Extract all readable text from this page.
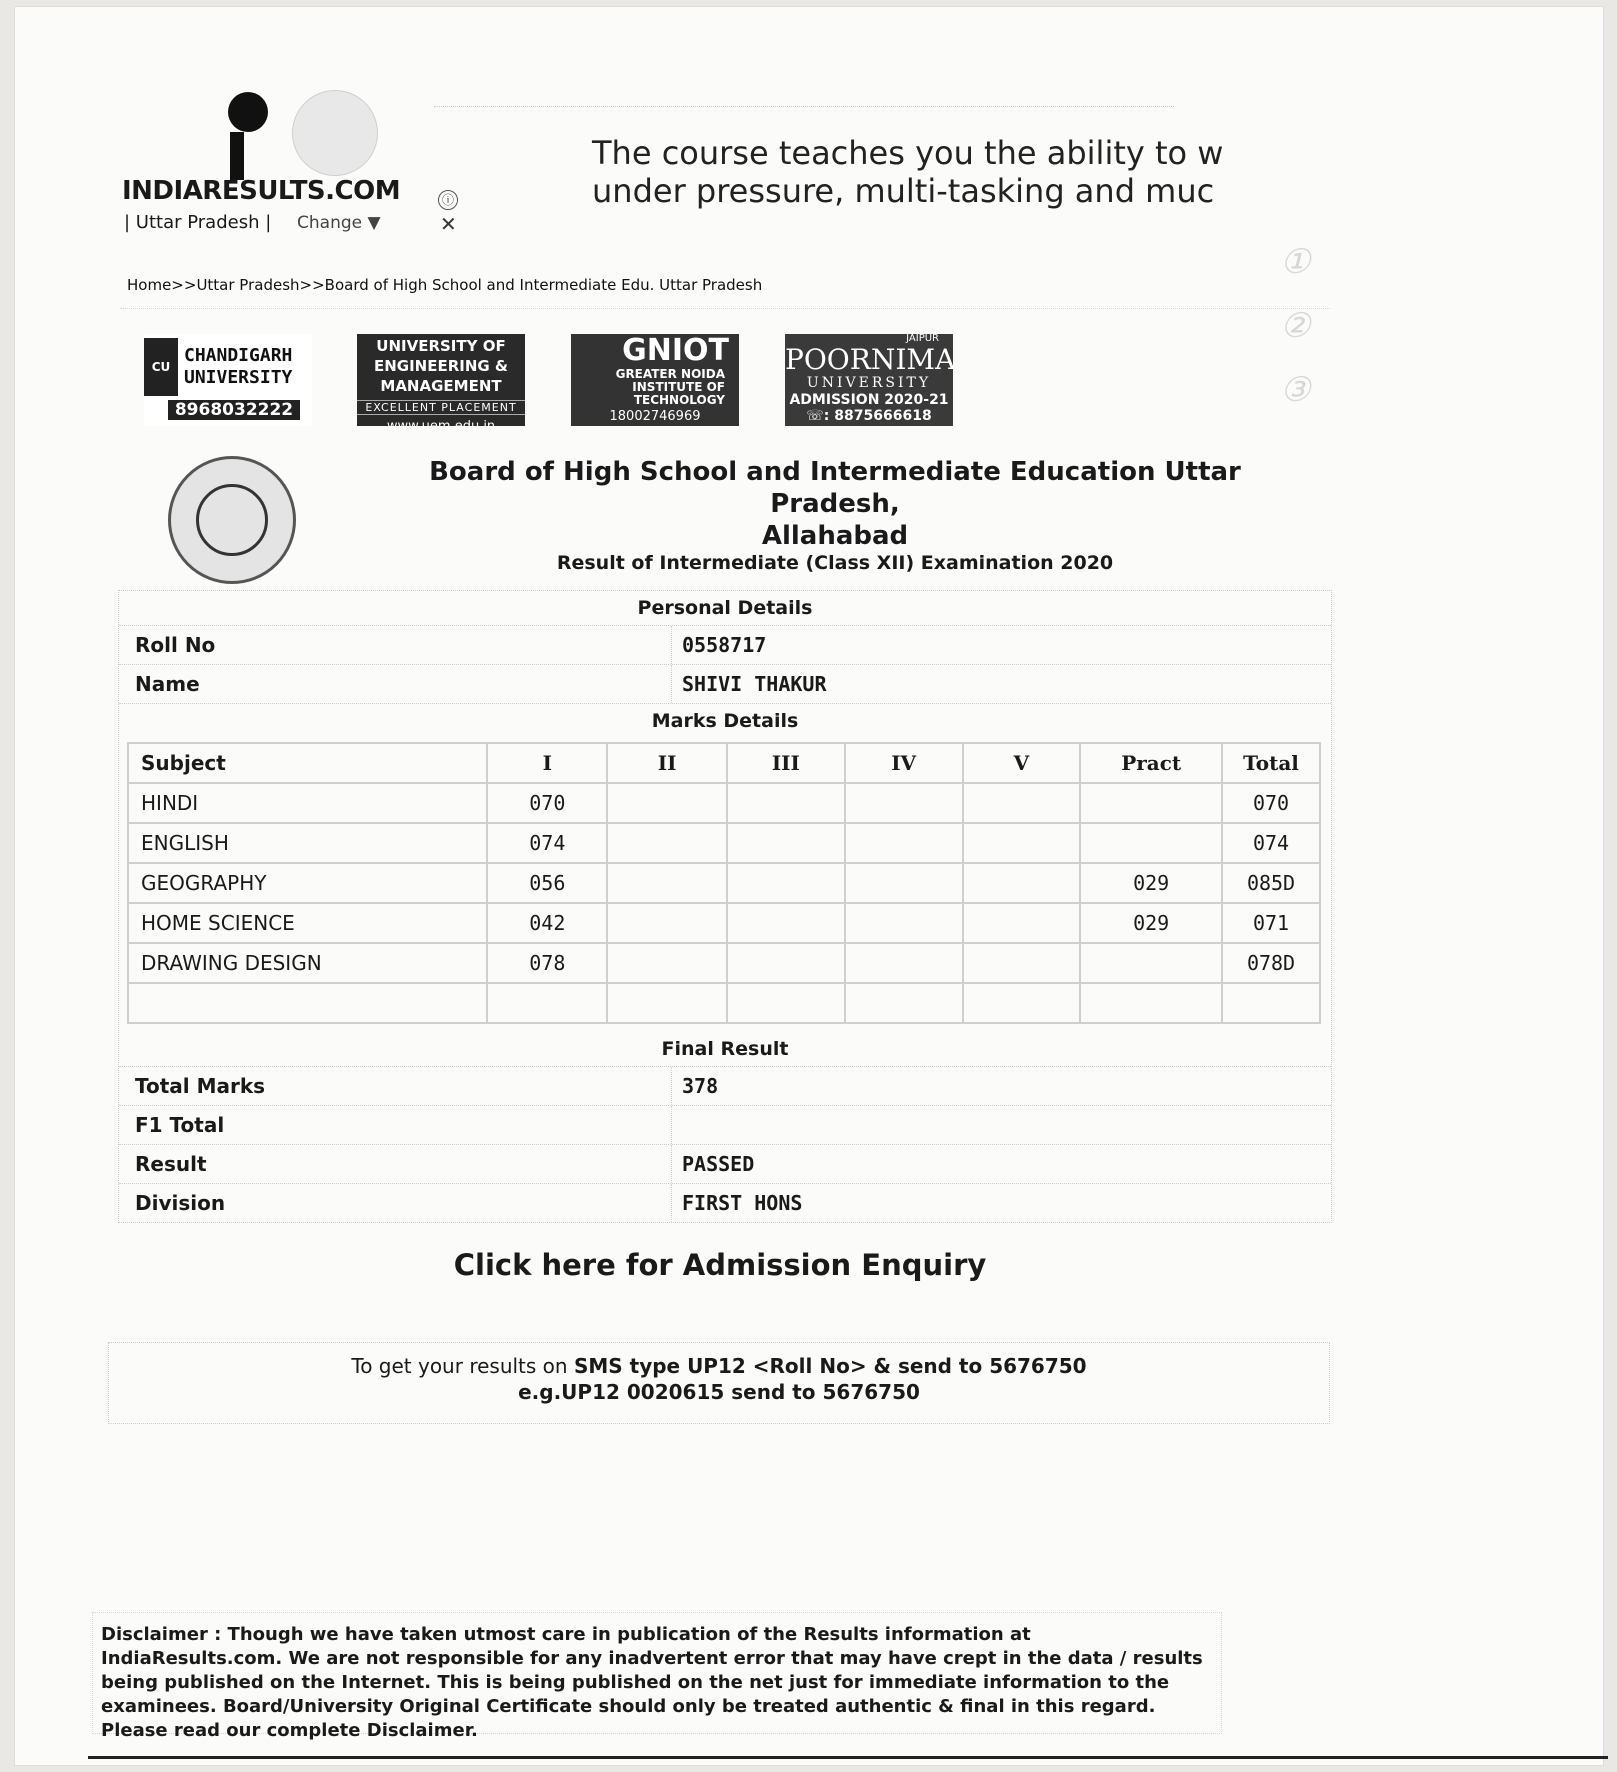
①
②
③
INDIARESULTS.COM
| Uttar Pradesh | Change ▼
The course teaches you the ability to w
under pressure, multi-tasking and muc
ⓘ
✕
Home>>Uttar Pradesh>>Board of High School and Intermediate Edu. Uttar Pradesh
CU
CHANDIGARH
UNIVERSITY
8968032222
UNIVERSITY OF
ENGINEERING &
MANAGEMENT
EXCELLENT PLACEMENT
www.uem.edu.in
GNIOT
GREATER NOIDA
INSTITUTE OF
TECHNOLOGY
18002746969
JAIPUR
POORNIMA
UNIVERSITY
ADMISSION 2020-21
☏: 8875666618
Board of High School and Intermediate Education Uttar Pradesh,
Allahabad
Result of Intermediate (Class XII) Examination 2020
Personal Details
Roll No	0558717
Name	SHIVI THAKUR
Marks Details
Subject	I	II	III	IV	V	Pract	Total
HINDI	070						070
ENGLISH	074						074
GEOGRAPHY	056					029	085D
HOME SCIENCE	042					029	071
DRAWING DESIGN	078						078D

Final Result
Total Marks	378
F1 Total
Result	PASSED
Division	FIRST HONS
Click here for Admission Enquiry
To get your results on SMS type UP12 <Roll No> & send to 5676750
e.g.UP12 0020615 send to 5676750
Disclaimer : Though we have taken utmost care in publication of the Results information at IndiaResults.com. We are not responsible for any inadvertent error that may have crept in the data / results being published on the Internet. This is being published on the net just for immediate information to the examinees. Board/University Original Certificate should only be treated authentic & final in this regard. Please read our complete Disclaimer.
